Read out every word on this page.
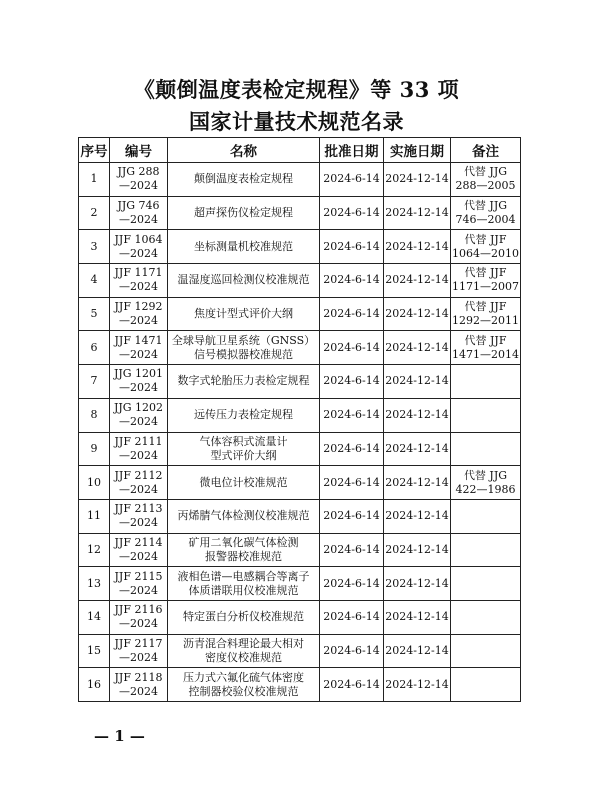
《颠倒温度表检定规程》等 33 项
国家计量技术规范名录
序号	编号	名称	批准日期	实施日期	备注
1	JJG 288
—2024	颠倒温度表检定规程	2024-6-14	2024-12-14	代替 JJG
288—2005
2	JJG 746
—2024	超声探伤仪检定规程	2024-6-14	2024-12-14	代替 JJG
746—2004
3	JJF 1064
—2024	坐标测量机校准规范	2024-6-14	2024-12-14	代替 JJF
1064—2010
4	JJF 1171
—2024	温湿度巡回检测仪校准规范	2024-6-14	2024-12-14	代替 JJF
1171—2007
5	JJF 1292
—2024	焦度计型式评价大纲	2024-6-14	2024-12-14	代替 JJF
1292—2011
6	JJF 1471
—2024	全球导航卫星系统（GNSS）
信号模拟器校准规范	2024-6-14	2024-12-14	代替 JJF
1471—2014
7	JJG 1201
—2024	数字式轮胎压力表检定规程	2024-6-14	2024-12-14	
8	JJG 1202
—2024	远传压力表检定规程	2024-6-14	2024-12-14	
9	JJF 2111
—2024	气体容积式流量计
型式评价大纲	2024-6-14	2024-12-14	
10	JJF 2112
—2024	微电位计校准规范	2024-6-14	2024-12-14	代替 JJG
422—1986
11	JJF 2113
—2024	丙烯腈气体检测仪校准规范	2024-6-14	2024-12-14	
12	JJF 2114
—2024	矿用二氧化碳气体检测
报警器校准规范	2024-6-14	2024-12-14	
13	JJF 2115
—2024	液相色谱—电感耦合等离子
体质谱联用仪校准规范	2024-6-14	2024-12-14	
14	JJF 2116
—2024	特定蛋白分析仪校准规范	2024-6-14	2024-12-14	
15	JJF 2117
—2024	沥青混合料理论最大相对
密度仪校准规范	2024-6-14	2024-12-14	
16	JJF 2118
—2024	压力式六氟化硫气体密度
控制器校验仪校准规范	2024-6-14	2024-12-14	
— 1 —
